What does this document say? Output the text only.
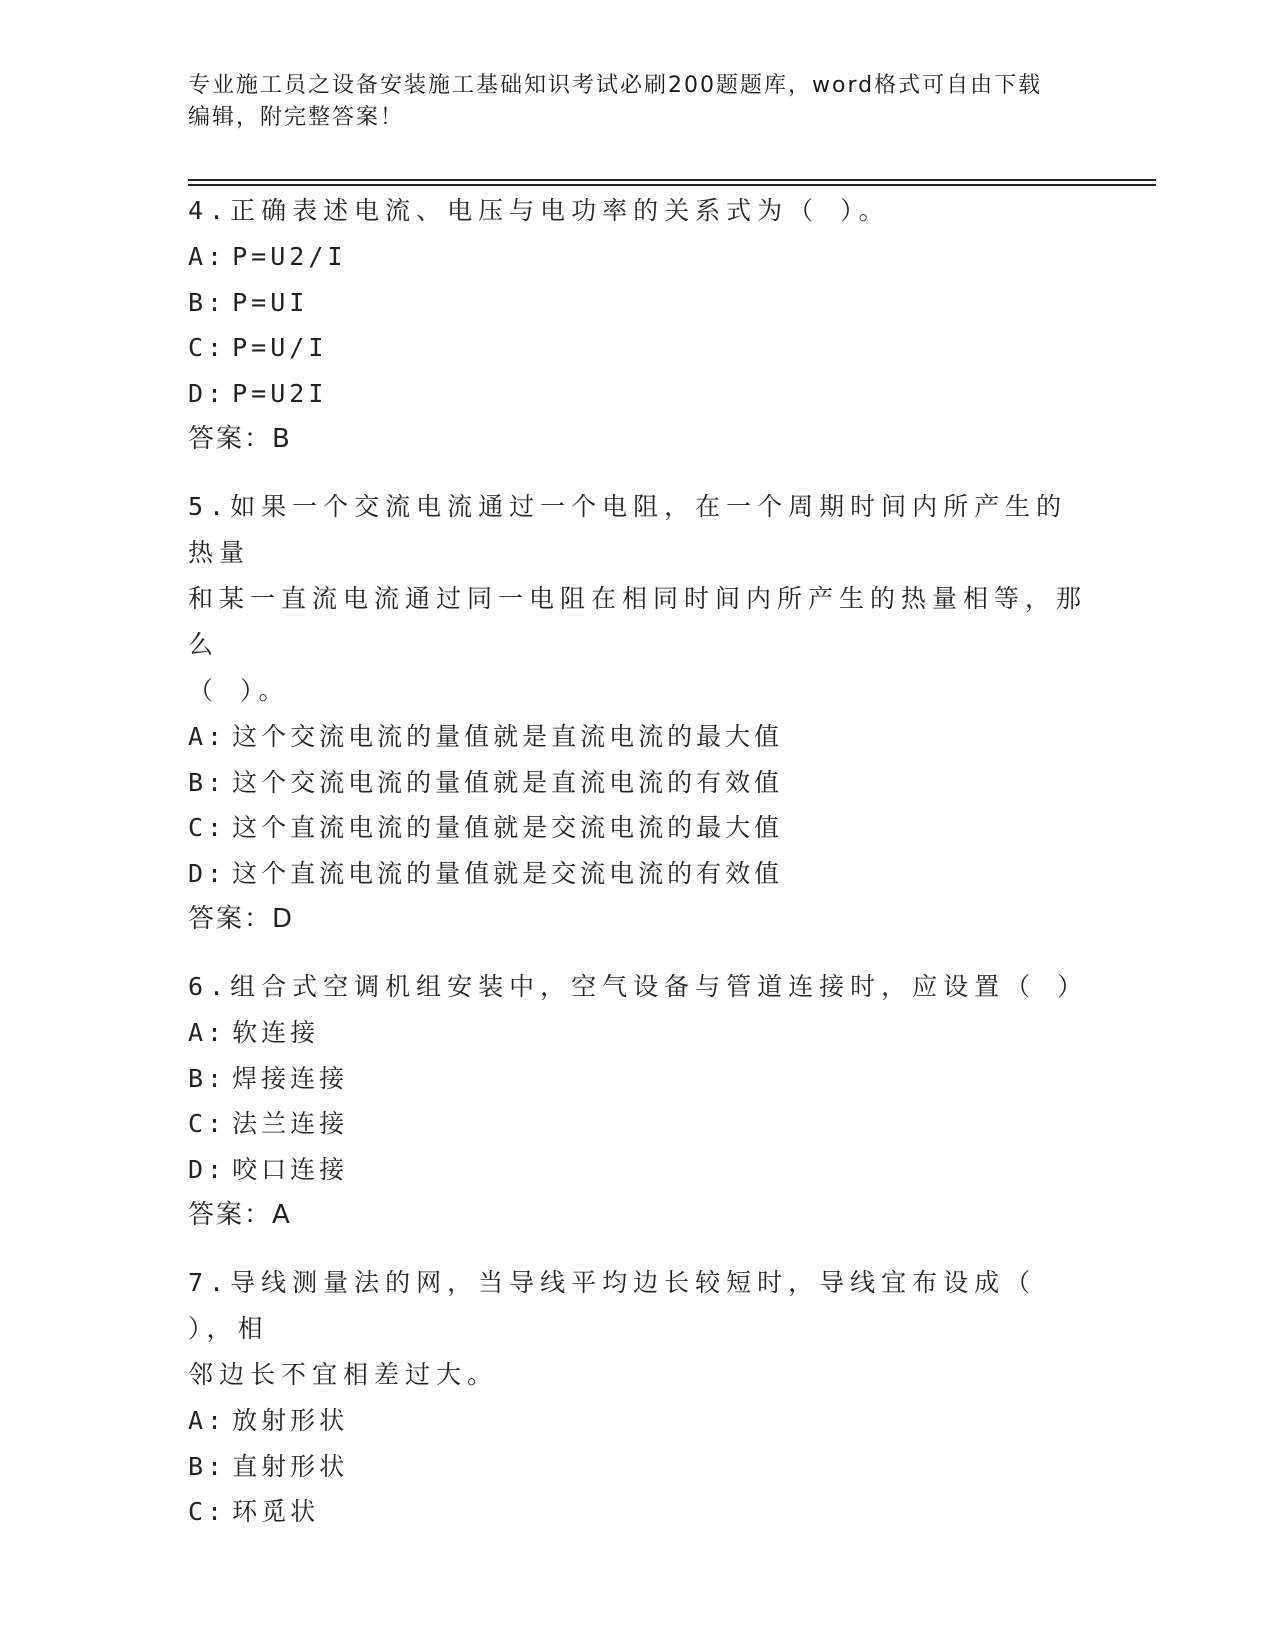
专业施工员之设备安装施工基础知识考试必刷200题题库，word格式可自由下载
编辑，附完整答案！

4.正确表述电流、电压与电功率的关系式为（ ）。

A: P=U2/I
B: P=UI
C: P=U/I
D: P=U2I
答案：B

5.如果一个交流电流通过一个电阻，在一个周期时间内所产生的热量

和某一直流电流通过同一电阻在相同时间内所产生的热量相等，那么

（ ）。

A: 这个交流电流的量值就是直流电流的最大值
B: 这个交流电流的量值就是直流电流的有效值
C: 这个直流电流的量值就是交流电流的最大值
D: 这个直流电流的量值就是交流电流的有效值
答案：D

6.组合式空调机组安装中，空气设备与管道连接时，应设置（ ）

A: 软连接
B: 焊接连接
C: 法兰连接
D: 咬口连接
答案：A

7.导线测量法的网，当导线平均边长较短时，导线宜布设成（ ），相

邻边长不宜相差过大。

A: 放射形状
B: 直射形状
C: 环觅状
